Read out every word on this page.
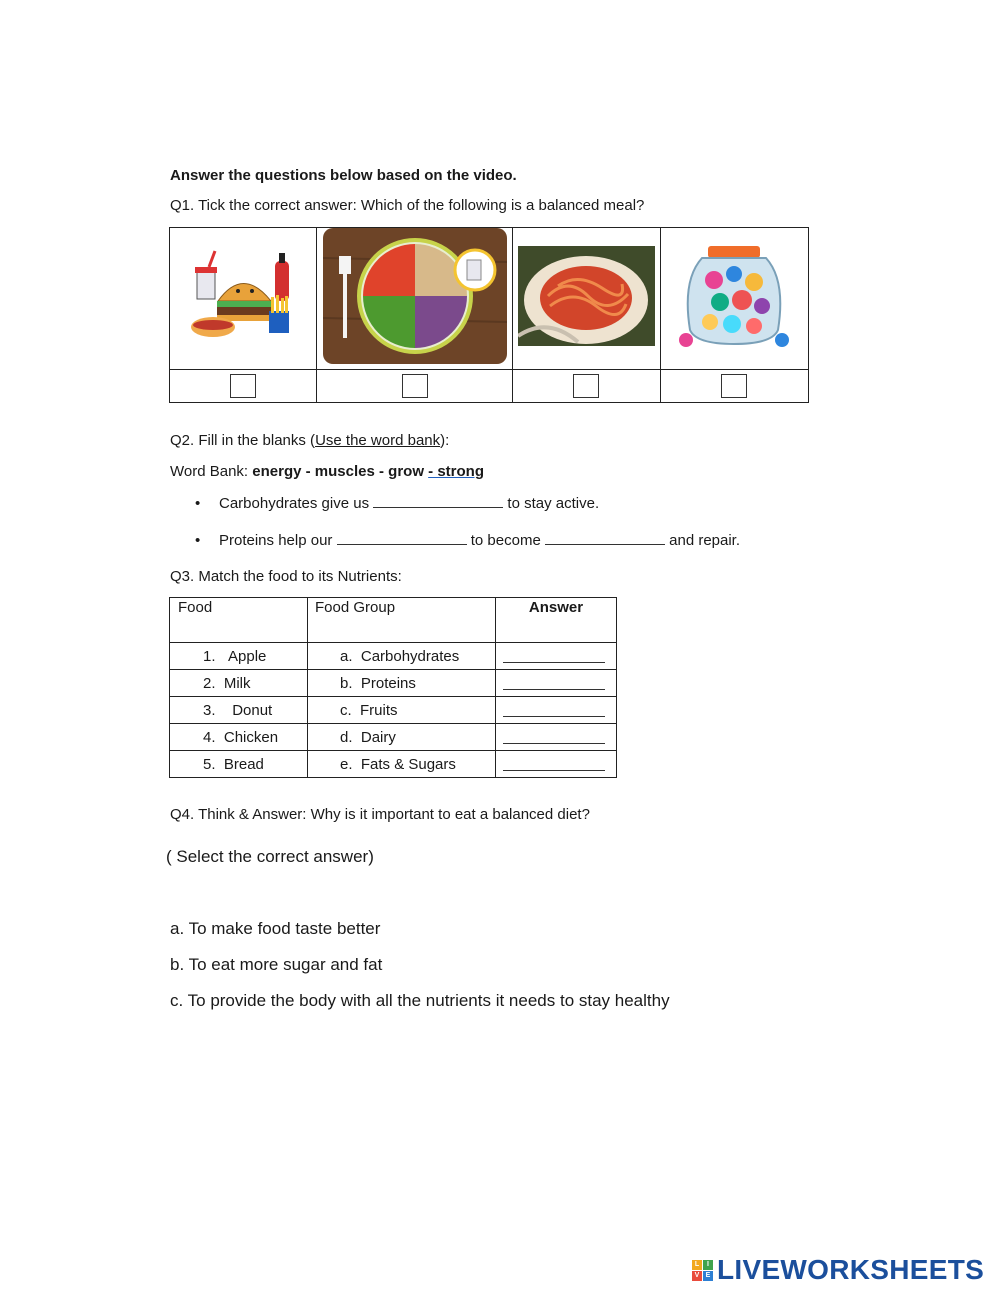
Answer the questions below based on the video.
Q1. Tick the correct answer: Which of the following is a balanced meal?

Q2. Fill in the blanks (Use the word bank):
Word Bank: energy - muscles - grow - strong
• Carbohydrates give us	to stay active.
• Proteins help our	to become	and repair.
Q3. Match the food to its Nutrients:
Food	Food Group	Answer
1. Apple	a. Carbohydrates	
2. Milk	b. Proteins	
3. Donut	c. Fruits	
4. Chicken	d. Dairy	
5. Bread	e. Fats & Sugars	
Q4. Think & Answer: Why is it important to eat a balanced diet?
( Select the correct answer)
a. To make food taste better
b. To eat more sugar and fat
c. To provide the body with all the nutrients it needs to stay healthy
L	I
V E LIVEWORKSHEETS
